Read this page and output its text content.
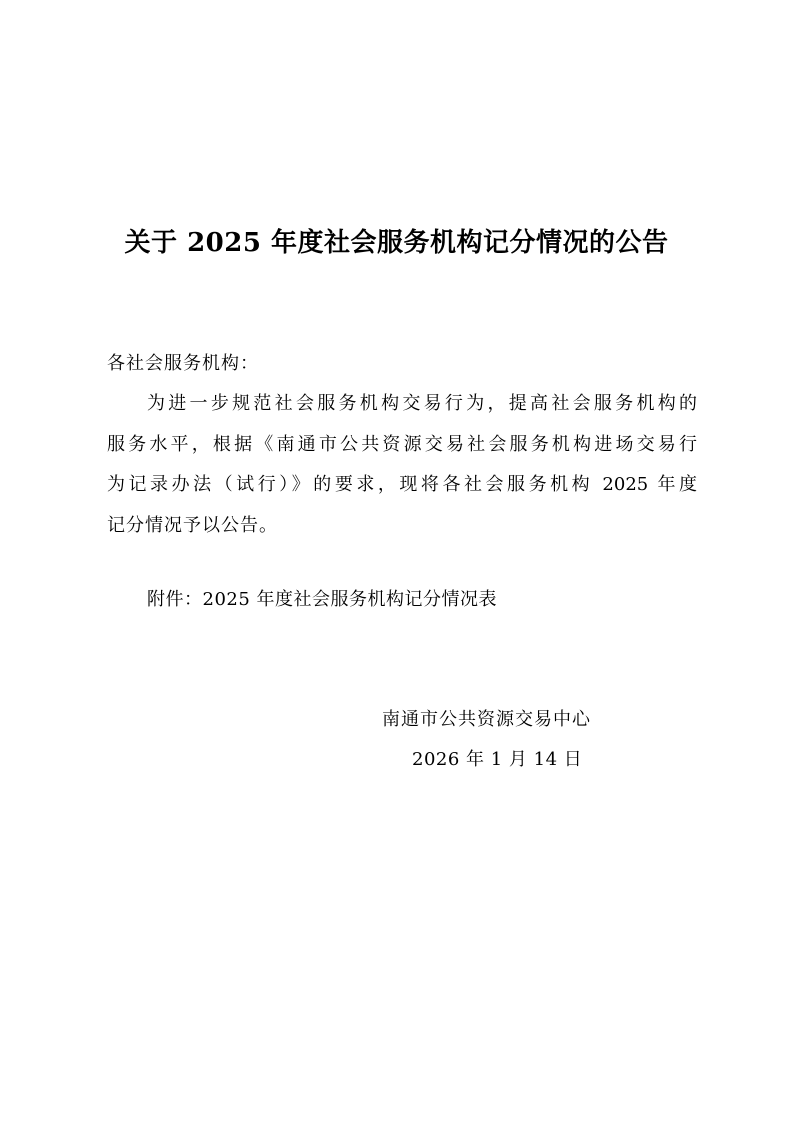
关于 2025 年度社会服务机构记分情况的公告
各社会服务机构：
为进一步规范社会服务机构交易行为，提高社会服务机构的
服务水平，根据《南通市公共资源交易社会服务机构进场交易行
为记录办法（试行）》的要求，现将各社会服务机构 2025 年度
记分情况予以公告。
附件：2025 年度社会服务机构记分情况表
南通市公共资源交易中心
2026 年 1 月 14 日
